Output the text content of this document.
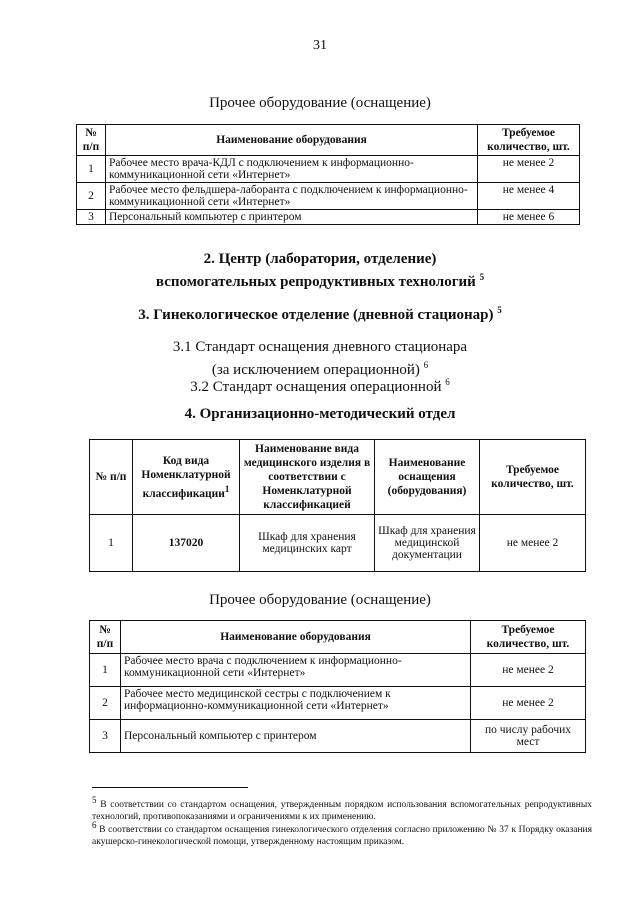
31
Прочее оборудование (оснащение)
№ п/п	Наименование оборудования	Требуемое количество, шт.
1	Рабочее место врача-КДЛ с подключением к информационно-коммуникационной сети «Интернет»	не менее 2
2	Рабочее место фельдшера-лаборанта с подключением к информационно-коммуникационной сети «Интернет»	не менее 4
3	Персональный компьютер с принтером	не менее 6
2. Центр (лаборатория, отделение)
вспомогательных репродуктивных технологий $^5$
3. Гинекологическое отделение (дневной стационар) $^5$
3.1 Стандарт оснащения дневного стационара
(за исключением операционной) $^6$
3.2 Стандарт оснащения операционной $^6$
4. Организационно-методический отдел
№ п/п	Код вида Номенклатурной классификации$^1$	Наименование вида медицинского изделия в соответствии с Номенклатурной классификацией	Наименование оснащения (оборудования)	Требуемое количество, шт.
1	137020	Шкаф для хранения медицинских карт	Шкаф для хранения медицинской документации	не менее 2
Прочее оборудование (оснащение)
№ п/п	Наименование оборудования	Требуемое количество, шт.
1	Рабочее место врача с подключением к информационно-коммуникационной сети «Интернет»	не менее 2
2	Рабочее место медицинской сестры с подключением к информационно-коммуникационной сети «Интернет»	не менее 2
3	Персональный компьютер с принтером	по числу рабочих мест
$^5$ В соответствии со стандартом оснащения, утвержденным порядком использования вспомогательных репродуктивных технологий, противопоказаниями и ограничениями к их применению.
$^6$ В соответствии со стандартом оснащения гинекологического отделения согласно приложению № 37 к Порядку оказания акушерско-гинекологической помощи, утвержденному настоящим приказом.
